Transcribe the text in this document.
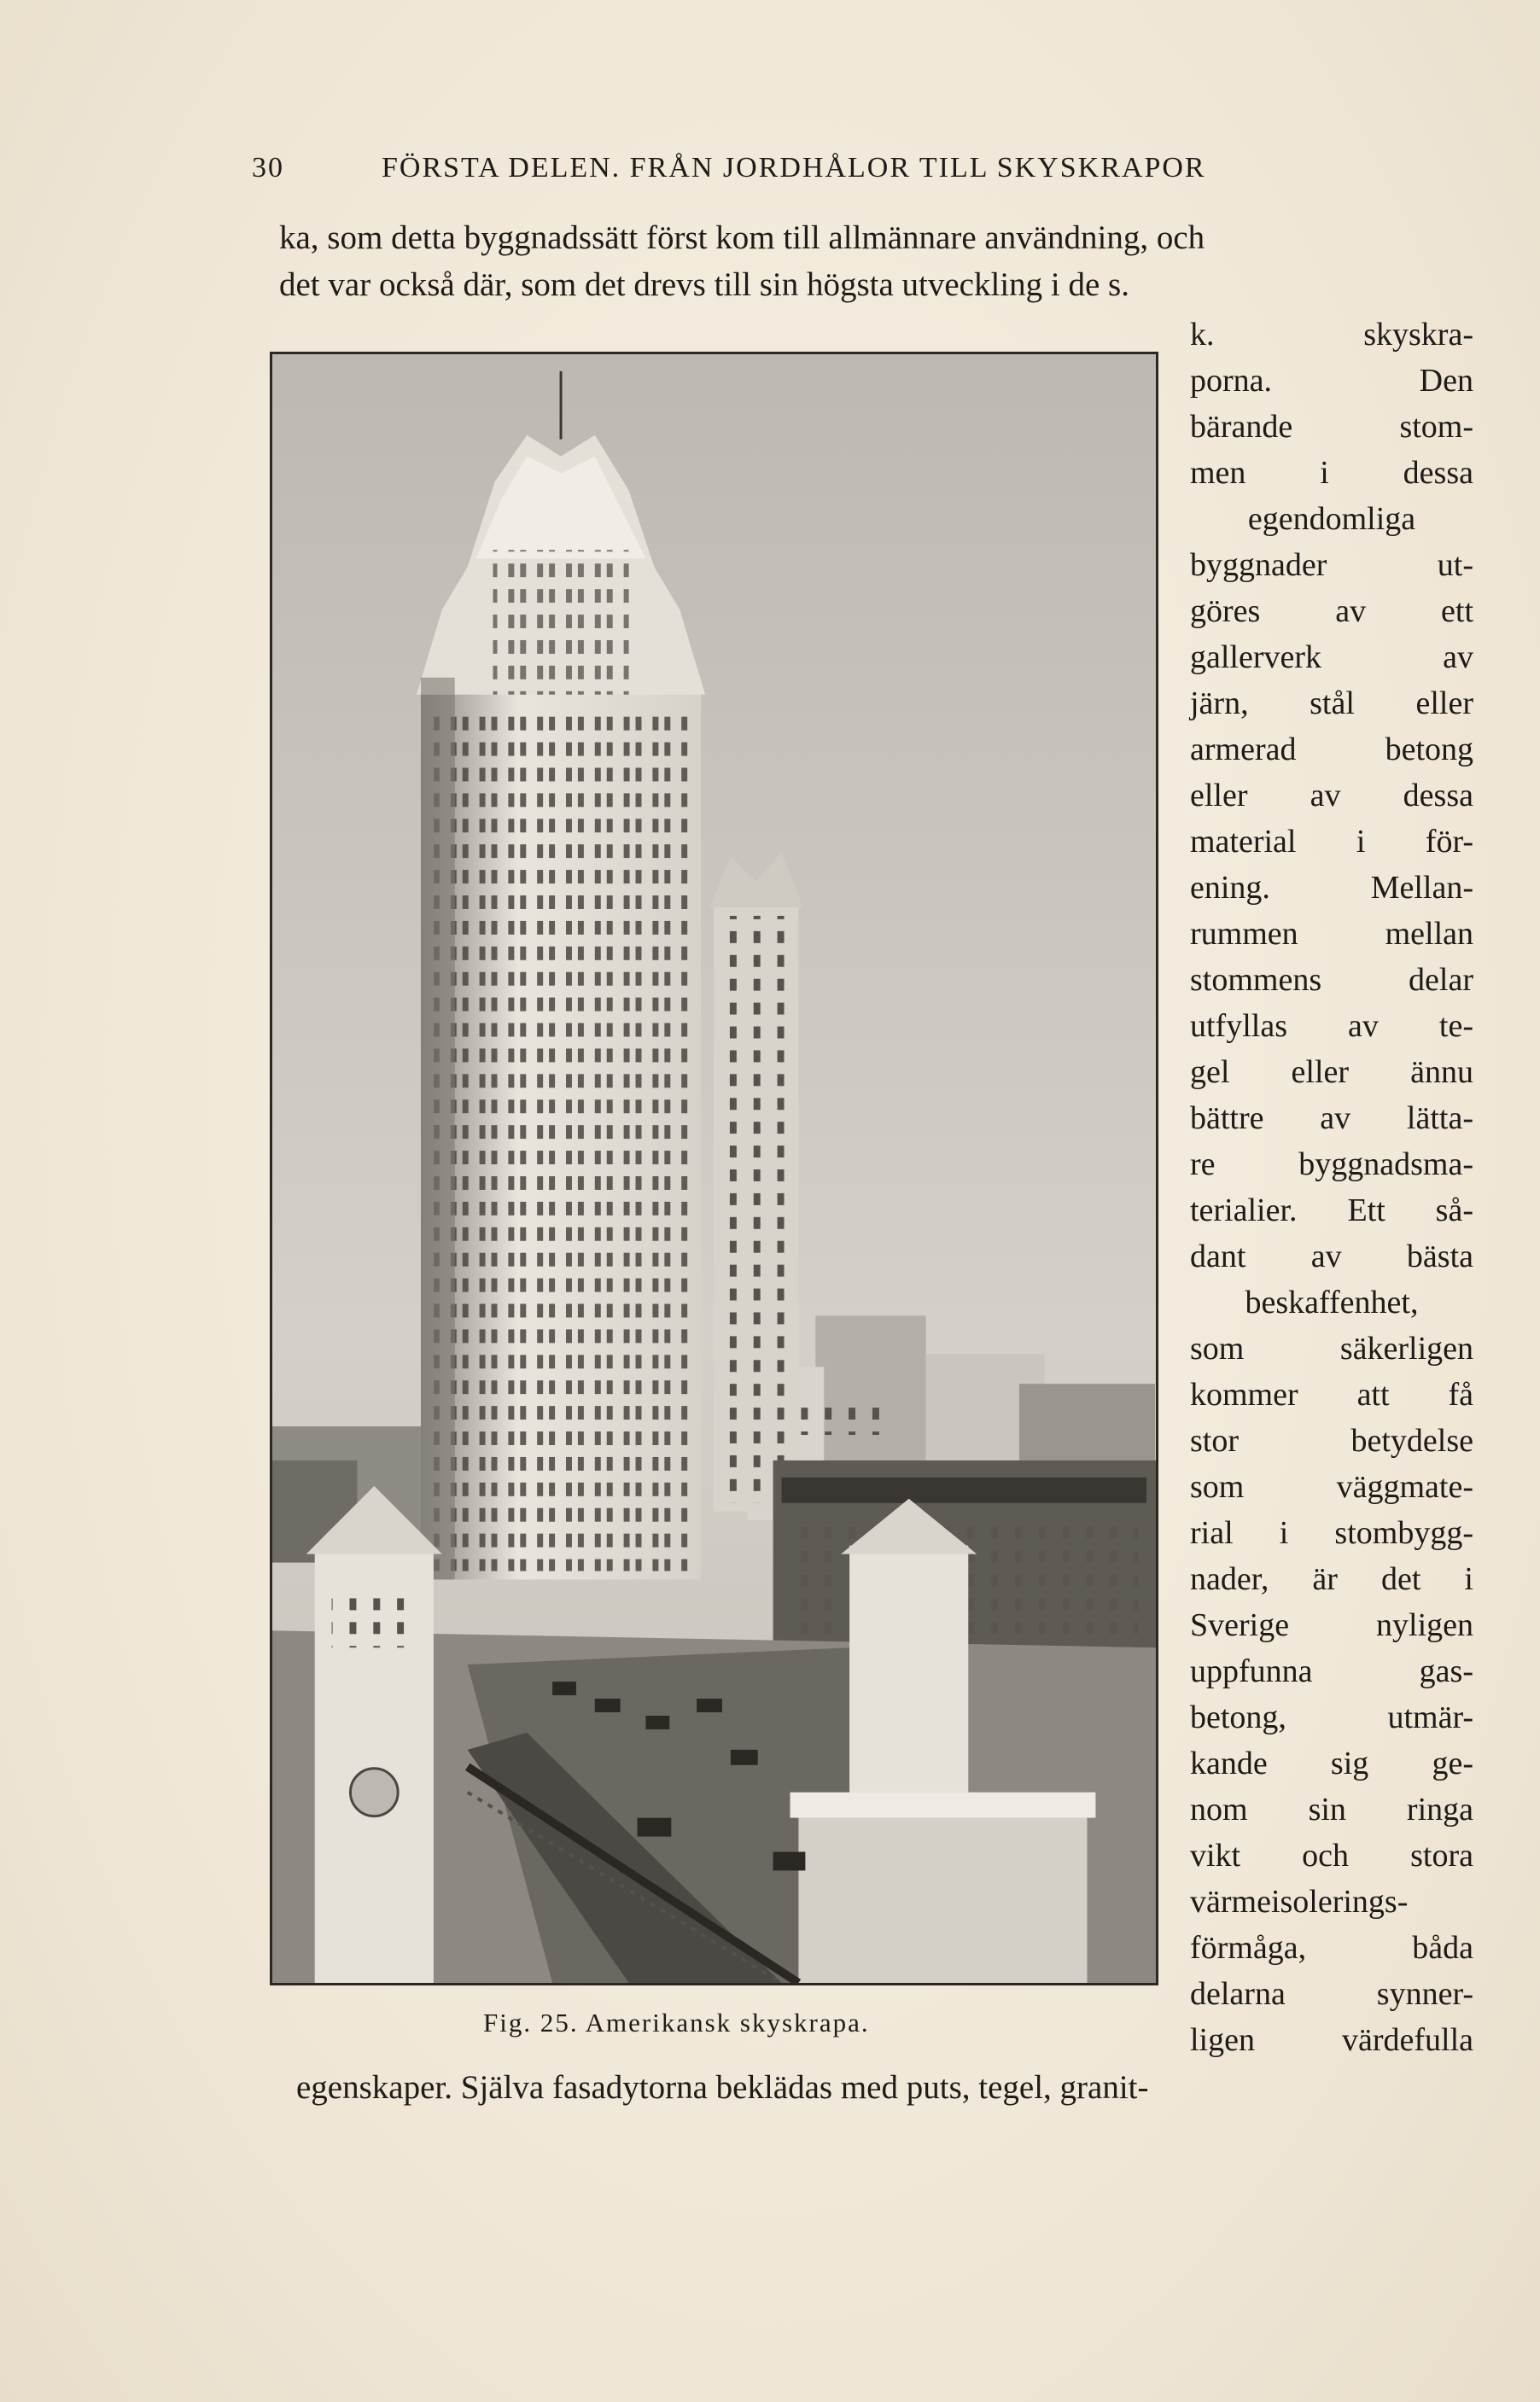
30	FÖRSTA DELEN. FRÅN JORDHÅLOR TILL SKYSKRAPOR
ka, som detta byggnadssätt först kom till allmännare användning, och
det var också där, som det drevs till sin högsta utveckling i de s.
k. skyskra-
porna. Den
bärande stom-
men i dessa
egendomliga
byggnader ut-
göres av ett
gallerverk av
järn, stål eller
armerad betong
eller av dessa
material i för-
ening. Mellan-
rummen mellan
stommens delar
utfyllas av te-
gel eller ännu
bättre av lätta-
re byggnadsma-
terialier. Ett så-
dant av bästa
beskaffenhet,
som säkerligen
kommer att få
stor betydelse
som väggmate-
rial i stombygg-
nader, är det i
Sverige nyligen
uppfunna gas-
betong, utmär-
kande sig ge-
nom sin ringa
vikt och stora
värmeisolerings-
förmåga, båda
delarna synner-
ligen värdefulla
Fig. 25. Amerikansk skyskrapa.
egenskaper. Själva fasadytorna beklädas med puts, tegel, granit-
